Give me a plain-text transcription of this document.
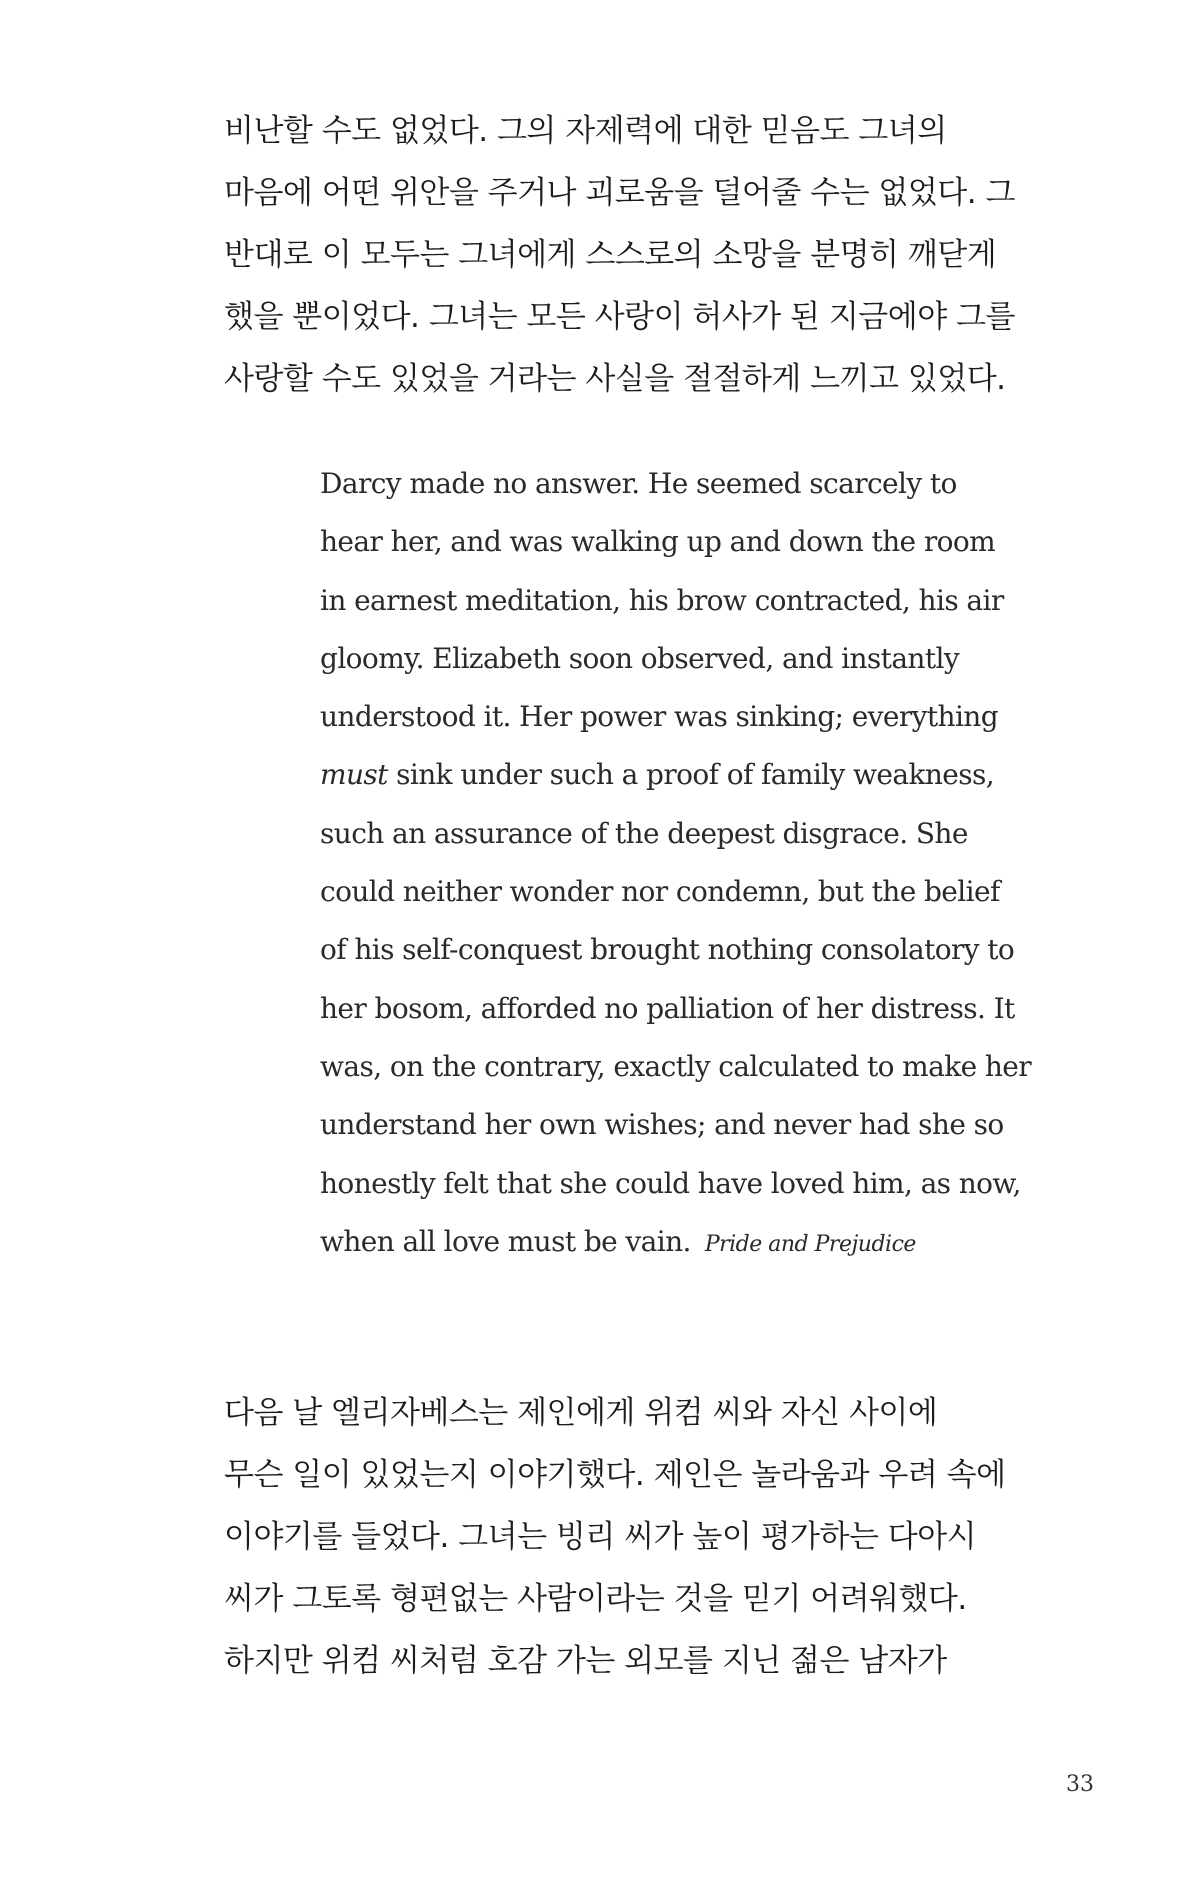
비난할 수도 없었다. 그의 자제력에 대한 믿음도 그녀의
마음에 어떤 위안을 주거나 괴로움을 덜어줄 수는 없었다. 그
반대로 이 모두는 그녀에게 스스로의 소망을 분명히 깨닫게
했을 뿐이었다. 그녀는 모든 사랑이 허사가 된 지금에야 그를
사랑할 수도 있었을 거라는 사실을 절절하게 느끼고 있었다.
Darcy made no answer. He seemed scarcely to
hear her, and was walking up and down the room
in earnest meditation, his brow contracted, his air
gloomy. Elizabeth soon observed, and instantly
understood it. Her power was sinking; everything
must sink under such a proof of family weakness,
such an assurance of the deepest disgrace. She
could neither wonder nor condemn, but the belief
of his self-conquest brought nothing consolatory to
her bosom, afforded no palliation of her distress. It
was, on the contrary, exactly calculated to make her
understand her own wishes; and never had she so
honestly felt that she could have loved him, as now,
when all love must be vain. Pride and Prejudice
다음 날 엘리자베스는 제인에게 위컴 씨와 자신 사이에
무슨 일이 있었는지 이야기했다. 제인은 놀라움과 우려 속에
이야기를 들었다. 그녀는 빙리 씨가 높이 평가하는 다아시
씨가 그토록 형편없는 사람이라는 것을 믿기 어려워했다.
하지만 위컴 씨처럼 호감 가는 외모를 지닌 젊은 남자가
33
